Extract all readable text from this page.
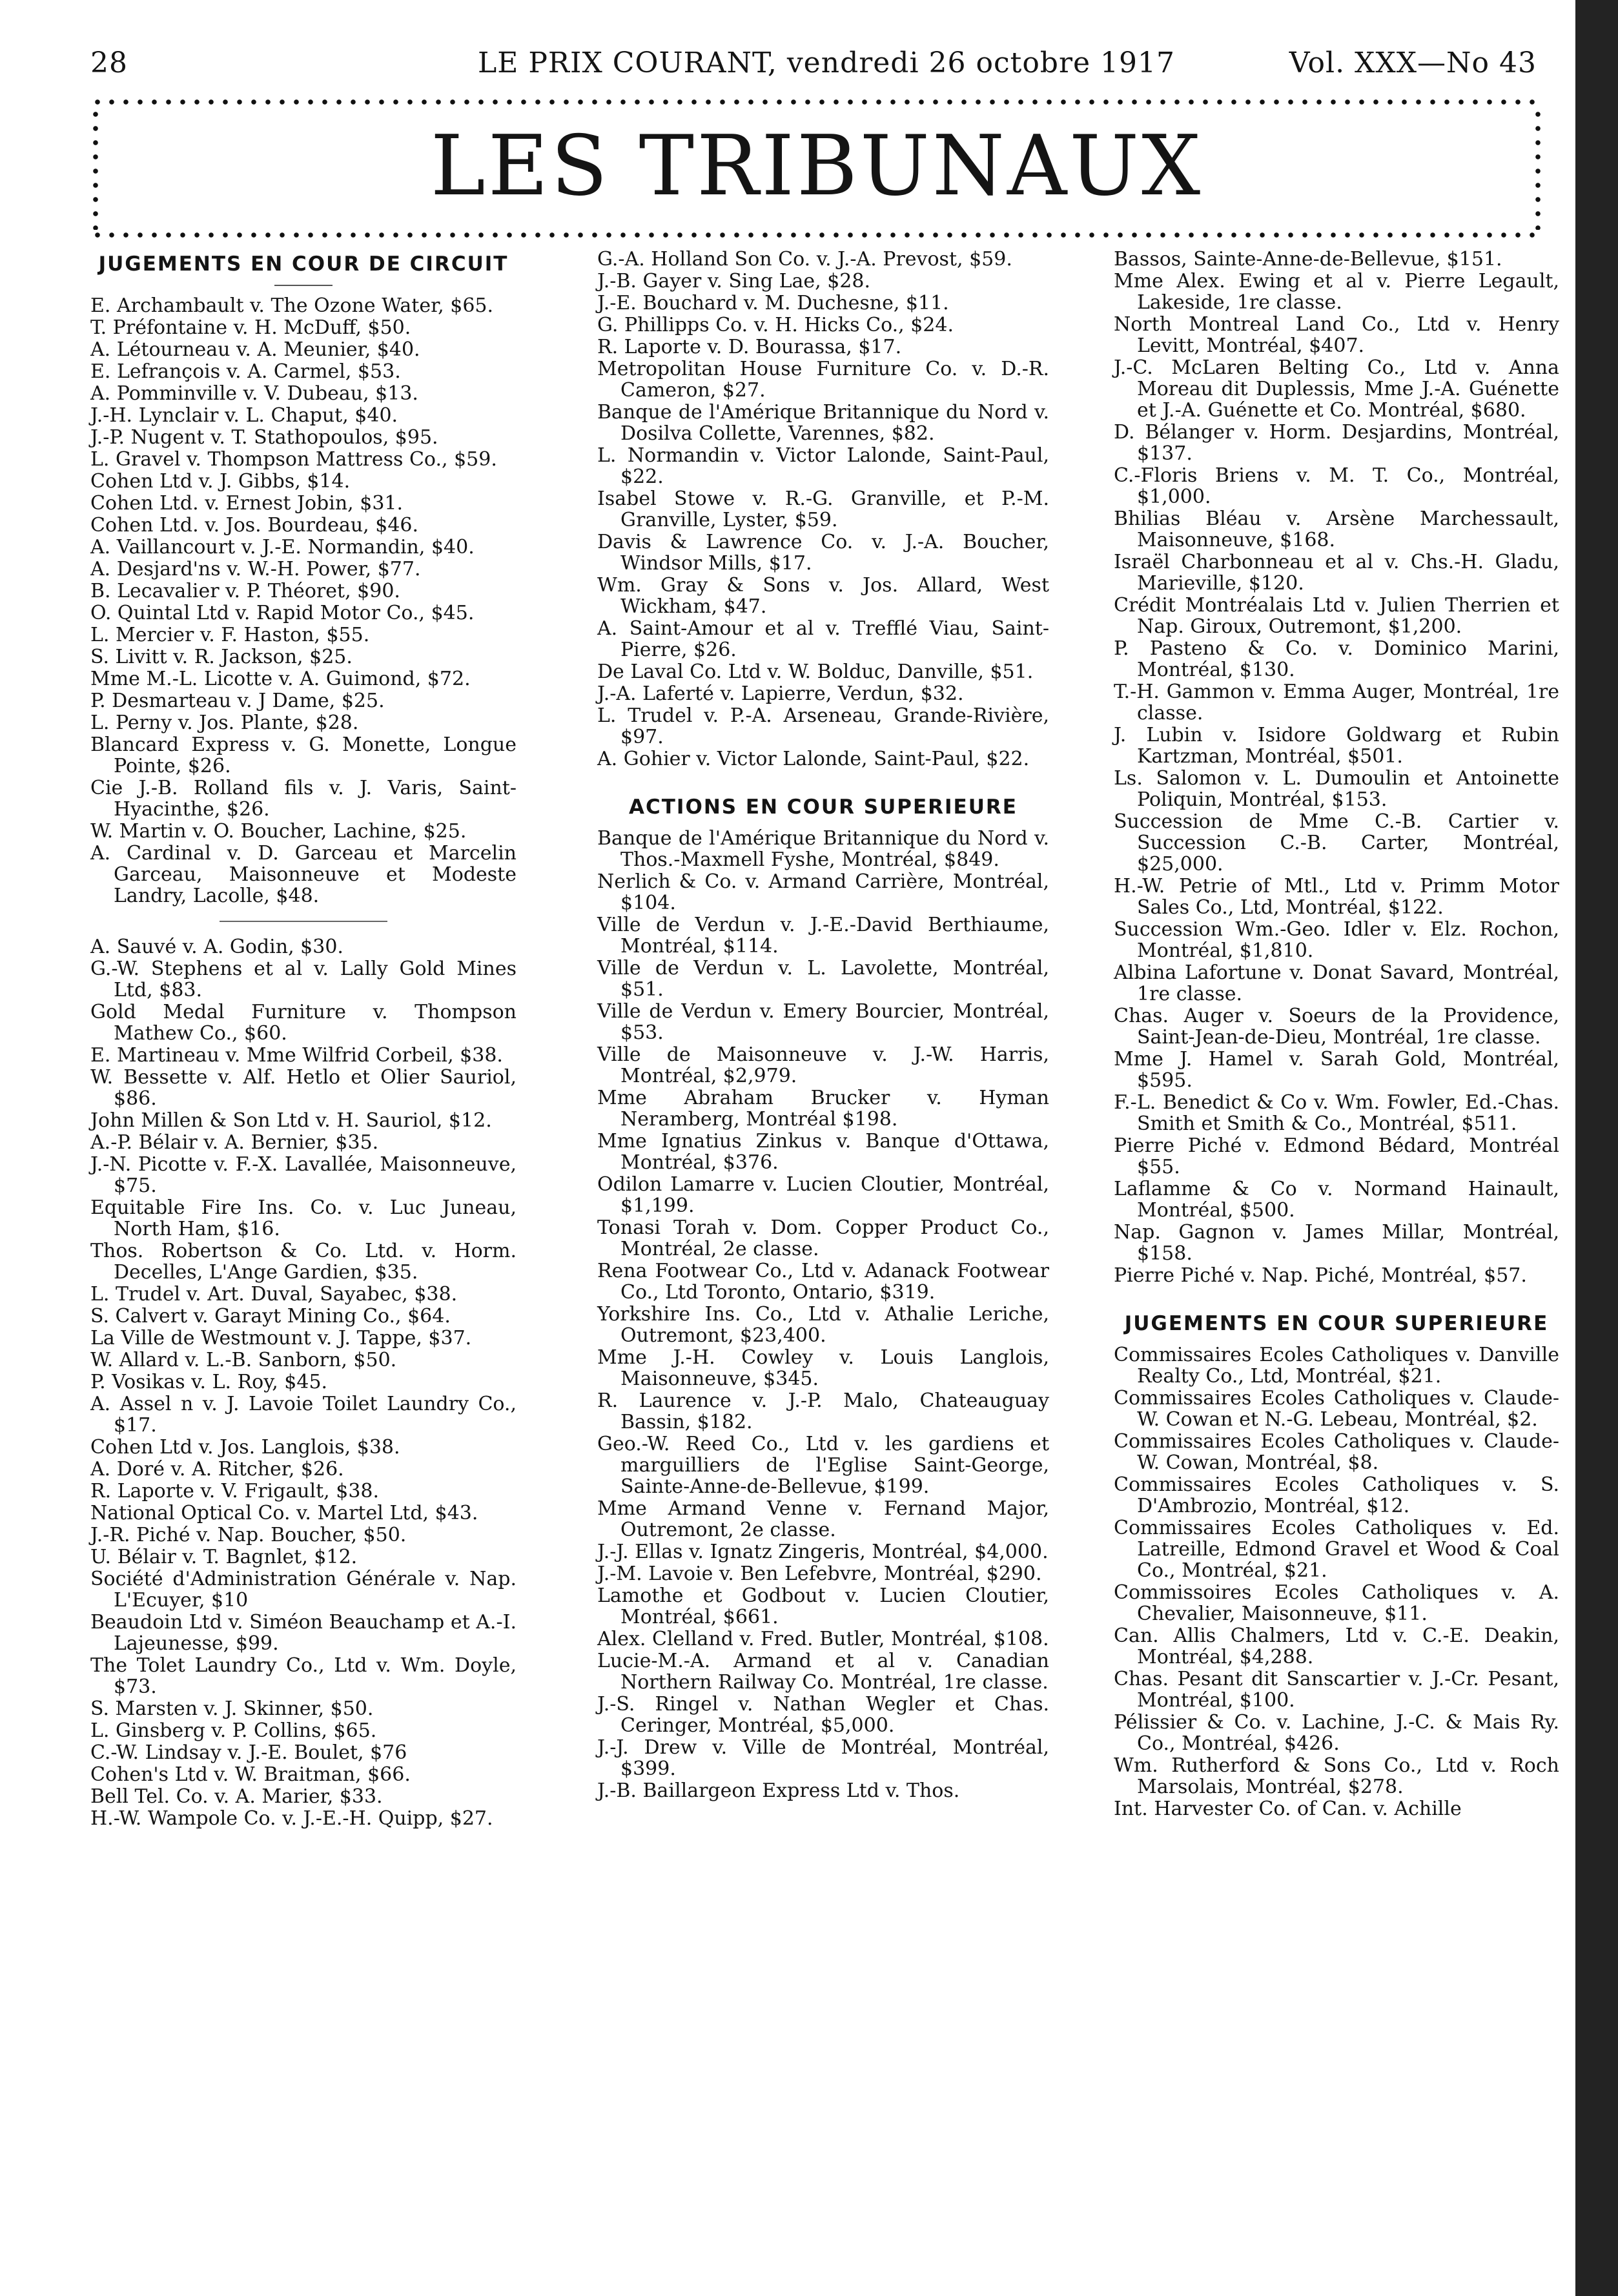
28	LE PRIX COURANT, vendredi 26 octobre 1917	Vol. XXX—No 43
LES TRIBUNAUX
JUGEMENTS EN COUR DE CIRCUIT

E. Archambault v. The Ozone Water, $65.

T. Préfontaine v. H. McDuff, $50.

A. Létourneau v. A. Meunier, $40.

E. Lefrançois v. A. Carmel, $53.

A. Pomminville v. V. Dubeau, $13.

J.-H. Lynclair v. L. Chaput, $40.

J.-P. Nugent v. T. Stathopoulos, $95.

L. Gravel v. Thompson Mattress Co., $59.

Cohen Ltd v. J. Gibbs, $14.

Cohen Ltd. v. Ernest Jobin, $31.

Cohen Ltd. v. Jos. Bourdeau, $46.

A. Vaillancourt v. J.-E. Normandin, $40.

A. Desjard'ns v. W.-H. Power, $77.

B. Lecavalier v. P. Théoret, $90.

O. Quintal Ltd v. Rapid Motor Co., $45.

L. Mercier v. F. Haston, $55.

S. Livitt v. R. Jackson, $25.

Mme M.-L. Licotte v. A. Guimond, $72.

P. Desmarteau v. J Dame, $25.

L. Perny v. Jos. Plante, $28.

Blancard Express v. G. Monette, Longue Pointe, $26.

Cie J.-B. Rolland fils v. J. Varis, Saint-Hyacinthe, $26.

W. Martin v. O. Boucher, Lachine, $25.

A. Cardinal v. D. Garceau et Marcelin Garceau, Maisonneuve et Modeste Landry, Lacolle, $48.

A. Sauvé v. A. Godin, $30.

G.-W. Stephens et al v. Lally Gold Mines Ltd, $83.

Gold Medal Furniture v. Thompson Mathew Co., $60.

E. Martineau v. Mme Wilfrid Corbeil, $38.

W. Bessette v. Alf. Hetlo et Olier Sauriol, $86.

John Millen & Son Ltd v. H. Sauriol, $12.

A.-P. Bélair v. A. Bernier, $35.

J.-N. Picotte v. F.-X. Lavallée, Maisonneuve, $75.

Equitable Fire Ins. Co. v. Luc Juneau, North Ham, $16.

Thos. Robertson & Co. Ltd. v. Horm. Decelles, L'Ange Gardien, $35.

L. Trudel v. Art. Duval, Sayabec, $38.

S. Calvert v. Garayt Mining Co., $64.

La Ville de Westmount v. J. Tappe, $37.

W. Allard v. L.-B. Sanborn, $50.

P. Vosikas v. L. Roy, $45.

A. Assel n v. J. Lavoie Toilet Laundry Co., $17.

Cohen Ltd v. Jos. Langlois, $38.

A. Doré v. A. Ritcher, $26.

R. Laporte v. V. Frigault, $38.

National Optical Co. v. Martel Ltd, $43.

J.-R. Piché v. Nap. Boucher, $50.

U. Bélair v. T. Bagnlet, $12.

Société d'Administration Générale v. Nap. L'Ecuyer, $10

Beaudoin Ltd v. Siméon Beauchamp et A.-I. Lajeunesse, $99.

The Tolet Laundry Co., Ltd v. Wm. Doyle, $73.

S. Marsten v. J. Skinner, $50.

L. Ginsberg v. P. Collins, $65.

C.-W. Lindsay v. J.-E. Boulet, $76

Cohen's Ltd v. W. Braitman, $66.

Bell Tel. Co. v. A. Marier, $33.

H.-W. Wampole Co. v. J.-E.-H. Quipp, $27.

G.-A. Holland Son Co. v. J.-A. Prevost, $59.

J.-B. Gayer v. Sing Lae, $28.

J.-E. Bouchard v. M. Duchesne, $11.

G. Phillipps Co. v. H. Hicks Co., $24.

R. Laporte v. D. Bourassa, $17.

Metropolitan House Furniture Co. v. D.-R. Cameron, $27.

Banque de l'Amérique Britannique du Nord v. Dosilva Collette, Varennes, $82.

L. Normandin v. Victor Lalonde, Saint-Paul, $22.

Isabel Stowe v. R.-G. Granville, et P.-M. Granville, Lyster, $59.

Davis & Lawrence Co. v. J.-A. Boucher, Windsor Mills, $17.

Wm. Gray & Sons v. Jos. Allard, West Wickham, $47.

A. Saint-Amour et al v. Trefflé Viau, Saint-Pierre, $26.

De Laval Co. Ltd v. W. Bolduc, Danville, $51.

J.-A. Laferté v. Lapierre, Verdun, $32.

L. Trudel v. P.-A. Arseneau, Grande-Rivière, $97.

A. Gohier v. Victor Lalonde, Saint-Paul, $22.

ACTIONS EN COUR SUPERIEURE

Banque de l'Amérique Britannique du Nord v. Thos.-Maxmell Fyshe, Montréal, $849.

Nerlich & Co. v. Armand Carrière, Montréal, $104.

Ville de Verdun v. J.-E.-David Berthiaume, Montréal, $114.

Ville de Verdun v. L. Lavolette, Montréal, $51.

Ville de Verdun v. Emery Bourcier, Montréal, $53.

Ville de Maisonneuve v. J.-W. Harris, Montréal, $2,979.

Mme Abraham Brucker v. Hyman Neramberg, Montréal $198.

Mme Ignatius Zinkus v. Banque d'Ottawa, Montréal, $376.

Odilon Lamarre v. Lucien Cloutier, Montréal, $1,199.

Tonasi Torah v. Dom. Copper Product Co., Montréal, 2e classe.

Rena Footwear Co., Ltd v. Adanack Footwear Co., Ltd Toronto, Ontario, $319.

Yorkshire Ins. Co., Ltd v. Athalie Leriche, Outremont, $23,400.

Mme J.-H. Cowley v. Louis Langlois, Maisonneuve, $345.

R. Laurence v. J.-P. Malo, Chateauguay Bassin, $182.

Geo.-W. Reed Co., Ltd v. les gardiens et marguilliers de l'Eglise Saint-George, Sainte-Anne-de-Bellevue, $199.

Mme Armand Venne v. Fernand Major, Outremont, 2e classe.

J.-J. Ellas v. Ignatz Zingeris, Montréal, $4,000.

J.-M. Lavoie v. Ben Lefebvre, Montréal, $290.

Lamothe et Godbout v. Lucien Cloutier, Montréal, $661.

Alex. Clelland v. Fred. Butler, Montréal, $108.

Lucie-M.-A. Armand et al v. Canadian Northern Railway Co. Montréal, 1re classe.

J.-S. Ringel v. Nathan Wegler et Chas. Ceringer, Montréal, $5,000.

J.-J. Drew v. Ville de Montréal, Montréal, $399.

J.-B. Baillargeon Express Ltd v. Thos.

Bassos, Sainte-Anne-de-Bellevue, $151.

Mme Alex. Ewing et al v. Pierre Legault, Lakeside, 1re classe.

North Montreal Land Co., Ltd v. Henry Levitt, Montréal, $407.

J.-C. McLaren Belting Co., Ltd v. Anna Moreau dit Duplessis, Mme J.-A. Guénette et J.-A. Guénette et Co. Montréal, $680.

D. Bélanger v. Horm. Desjardins, Montréal, $137.

C.-Floris Briens v. M. T. Co., Montréal, $1,000.

Bhilias Bléau v. Arsène Marchessault, Maisonneuve, $168.

Israël Charbonneau et al v. Chs.-H. Gladu, Marieville, $120.

Crédit Montréalais Ltd v. Julien Therrien et Nap. Giroux, Outremont, $1,200.

P. Pasteno & Co. v. Dominico Marini, Montréal, $130.

T.-H. Gammon v. Emma Auger, Montréal, 1re classe.

J. Lubin v. Isidore Goldwarg et Rubin Kartzman, Montréal, $501.

Ls. Salomon v. L. Dumoulin et Antoinette Poliquin, Montréal, $153.

Succession de Mme C.-B. Cartier v. Succession C.-B. Carter, Montréal, $25,000.

H.-W. Petrie of Mtl., Ltd v. Primm Motor Sales Co., Ltd, Montréal, $122.

Succession Wm.-Geo. Idler v. Elz. Rochon, Montréal, $1,810.

Albina Lafortune v. Donat Savard, Montréal, 1re classe.

Chas. Auger v. Soeurs de la Providence, Saint-Jean-de-Dieu, Montréal, 1re classe.

Mme J. Hamel v. Sarah Gold, Montréal, $595.

F.-L. Benedict & Co v. Wm. Fowler, Ed.-Chas. Smith et Smith & Co., Montréal, $511.

Pierre Piché v. Edmond Bédard, Montréal $55.

Laflamme & Co v. Normand Hainault, Montréal, $500.

Nap. Gagnon v. James Millar, Montréal, $158.

Pierre Piché v. Nap. Piché, Montréal, $57.

JUGEMENTS EN COUR SUPERIEURE

Commissaires Ecoles Catholiques v. Danville Realty Co., Ltd, Montréal, $21.

Commissaires Ecoles Catholiques v. Claude-W. Cowan et N.-G. Lebeau, Montréal, $2.

Commissaires Ecoles Catholiques v. Claude-W. Cowan, Montréal, $8.

Commissaires Ecoles Catholiques v. S. D'Ambrozio, Montréal, $12.

Commissaires Ecoles Catholiques v. Ed. Latreille, Edmond Gravel et Wood & Coal Co., Montréal, $21.

Commissoires Ecoles Catholiques v. A. Chevalier, Maisonneuve, $11.

Can. Allis Chalmers, Ltd v. C.-E. Deakin, Montréal, $4,288.

Chas. Pesant dit Sanscartier v. J.-Cr. Pesant, Montréal, $100.

Pélissier & Co. v. Lachine, J.-C. & Mais Ry. Co., Montréal, $426.

Wm. Rutherford & Sons Co., Ltd v. Roch Marsolais, Montréal, $278.

Int. Harvester Co. of Can. v. Achille
